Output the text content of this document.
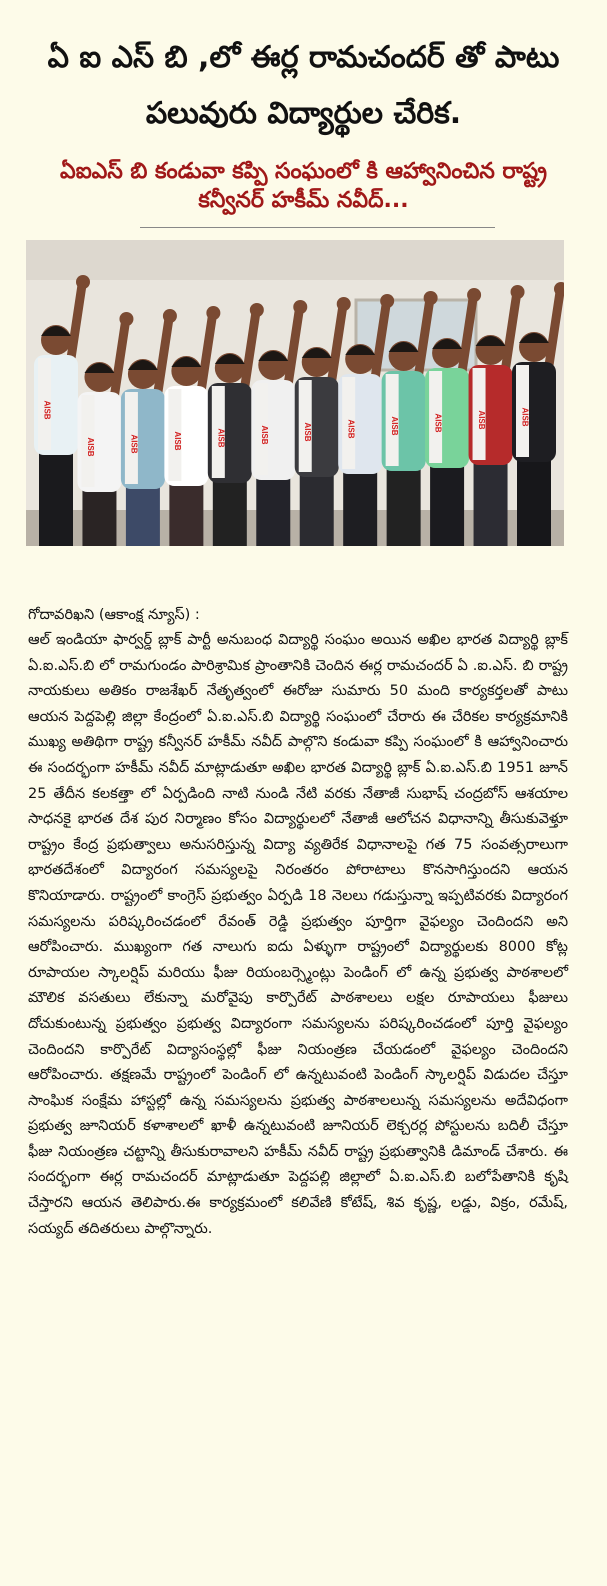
ఏ ఐ ఎస్ బి ,లో ఈర్ల రామచందర్ తో పాటు పలువురు విద్యార్థుల చేరిక.
ఏఐఎస్ బి కండువా కప్పి సంఘంలో కి ఆహ్వానించిన రాష్ట్ర కన్వీనర్ హకీమ్ నవీద్...
AISB
AISB	AISB	AISB	AISB	AISB	AISB	AISB	AISB	AISB	AISB	AISB
గోదావరిఖని (ఆకాంక్ష న్యూస్) :
ఆల్ ఇండియా ఫార్వర్డ్ బ్లాక్ పార్టీ అనుబంధ విద్యార్థి సంఘం అయిన అఖిల భారత విద్యార్థి బ్లాక్ ఏ.ఐ.ఎస్.బి లో రామగుండం పారిశ్రామిక ప్రాంతానికి చెందిన ఈర్ల రామచందర్ ఏ .ఐ.ఎస్. బి రాష్ట్ర నాయకులు అతికం రాజశేఖర్ నేతృత్వంలో ఈరోజు సుమారు 50 మంది కార్యకర్తలతో పాటు ఆయన పెద్దపెల్లి జిల్లా కేంద్రంలో ఏ.ఐ.ఎస్.బి విద్యార్థి సంఘంలో చేరారు ఈ చేరికల కార్యక్రమానికి ముఖ్య అతిథిగా రాష్ట్ర కన్వీనర్ హకీమ్ నవీద్ పాల్గొని కండువా కప్పి సంఘంలో కి ఆహ్వానించారు ఈ సందర్భంగా హకీమ్ నవీద్ మాట్లాడుతూ అఖిల భారత విద్యార్థి బ్లాక్ ఏ.ఐ.ఎస్.బి 1951 జూన్ 25 తేదీన కలకత్తా లో ఏర్పడింది నాటి నుండి నేటి వరకు నేతాజీ సుభాష్ చంద్రబోస్ ఆశయాల సాధనకై భారత దేశ పుర నిర్మాణం కోసం విద్యార్థులలో నేతాజీ ఆలోచన విధానాన్ని తీసుకువెళ్తూ రాష్ట్రం కేంద్ర ప్రభుత్వాలు అనుసరిస్తున్న విద్యా వ్యతిరేక విధానాలపై గత 75 సంవత్సరాలుగా భారతదేశంలో విద్యారంగ సమస్యలపై నిరంతరం పోరాటాలు కొనసాగిస్తుందని ఆయన కొనియాడారు. రాష్ట్రంలో కాంగ్రెస్ ప్రభుత్వం ఏర్పడి 18 నెలలు గడుస్తున్నా ఇప్పటివరకు విద్యారంగ సమస్యలను పరిష్కరించడంలో రేవంత్ రెడ్డి ప్రభుత్వం పూర్తిగా వైఫల్యం చెందిందని అని ఆరోపించారు. ముఖ్యంగా గత నాలుగు ఐదు ఏళ్ళుగా రాష్ట్రంలో విద్యార్థులకు 8000 కోట్ల రూపాయల స్కాలర్షిప్ మరియు ఫీజు రియంబర్స్మెంట్లు పెండింగ్ లో ఉన్న ప్రభుత్వ పాఠశాలలో మౌలిక వసతులు లేకున్నా మరోవైపు కార్పొరేట్ పాఠశాలలు లక్షల రూపాయలు ఫీజులు దోచుకుంటున్న ప్రభుత్వం ప్రభుత్వ విద్యారంగా సమస్యలను పరిష్కరించడంలో పూర్తి వైఫల్యం చెందిందని కార్పొరేట్ విద్యాసంస్థల్లో ఫీజు నియంత్రణ చేయడంలో వైఫల్యం చెందిందని ఆరోపించారు. తక్షణమే రాష్ట్రంలో పెండింగ్ లో ఉన్నటువంటి పెండింగ్ స్కాలర్షిప్ విడుదల చేస్తూ సాంఘిక సంక్షేమ హాస్టల్లో ఉన్న సమస్యలను ప్రభుత్వ పాఠశాలలున్న సమస్యలను అదేవిధంగా ప్రభుత్వ జూనియర్ కళాశాలలో ఖాళీ ఉన్నటువంటి జూనియర్ లెక్చరర్ల పోస్టులను బదిలీ చేస్తూ ఫీజు నియంత్రణ చట్టాన్ని తీసుకురావాలని హకీమ్ నవీద్ రాష్ట్ర ప్రభుత్వానికి డిమాండ్ చేశారు. ఈ సందర్భంగా ఈర్ల రామచందర్ మాట్లాడుతూ పెద్దపల్లి జిల్లాలో ఏ.ఐ.ఎస్.బి బలోపేతానికి కృషి చేస్తారని ఆయన తెలిపారు.ఈ కార్యక్రమంలో కలివేణి కోటేష్, శివ కృష్ణ, లడ్డు, విక్రం, రమేష్, సయ్యద్ తదితరులు పాల్గొన్నారు.
